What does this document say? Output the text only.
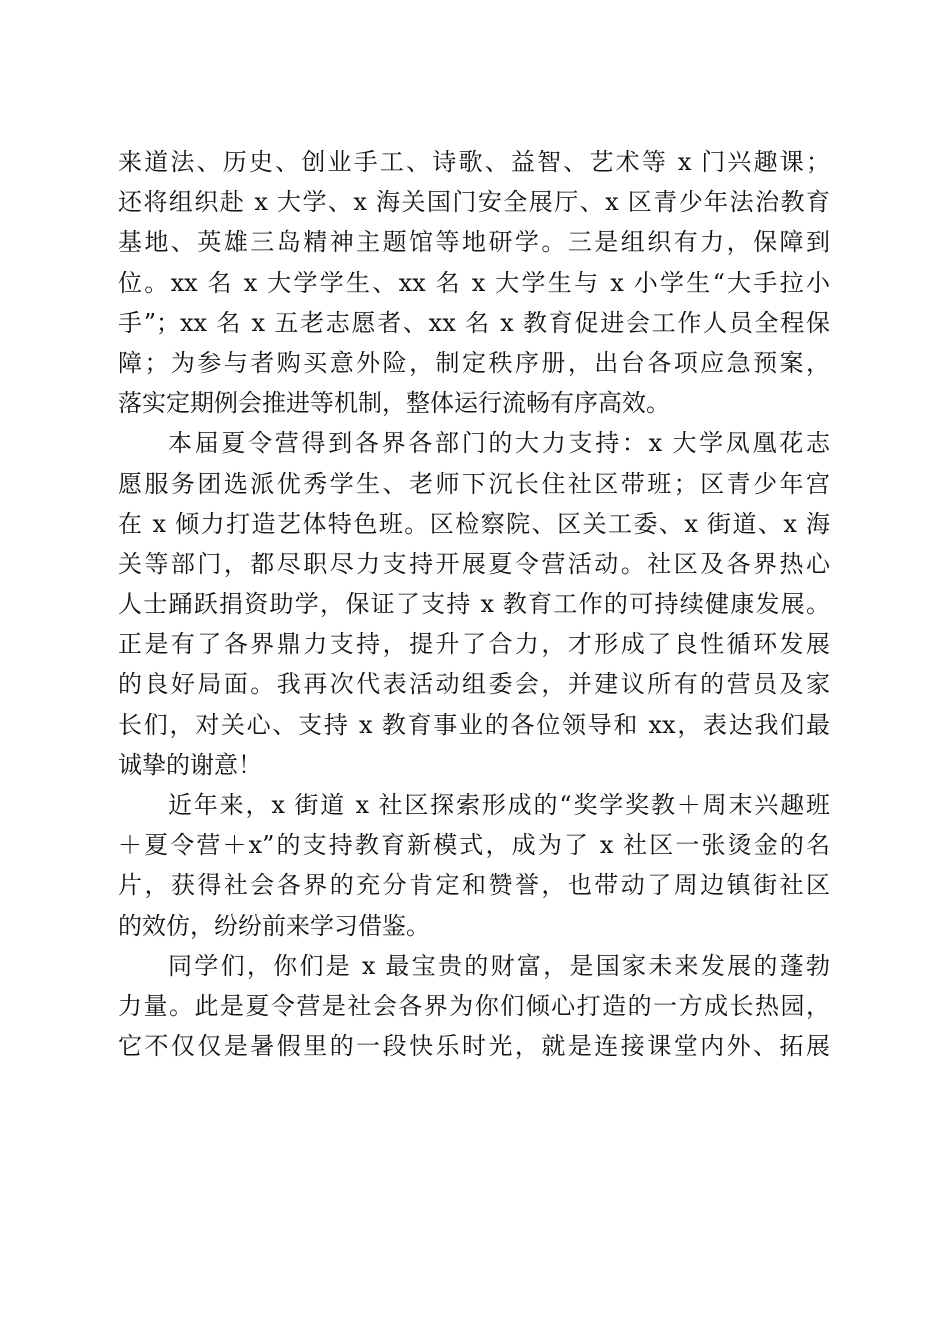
来道法、历史、创业手工、诗歌、益智、艺术等 x 门兴趣课；
还将组织赴 x 大学、x 海关国门安全展厅、x 区青少年法治教育
基地、英雄三岛精神主题馆等地研学。三是组织有力，保障到
位。xx 名 x 大学学生、xx 名 x 大学生与 x 小学生“大手拉小
手”；xx 名 x 五老志愿者、xx 名 x 教育促进会工作人员全程保
障；为参与者购买意外险，制定秩序册，出台各项应急预案，
落实定期例会推进等机制，整体运行流畅有序高效。
本届夏令营得到各界各部门的大力支持：x 大学凤凰花志
愿服务团选派优秀学生、老师下沉长住社区带班；区青少年宫
在 x 倾力打造艺体特色班。区检察院、区关工委、x 街道、x 海
关等部门，都尽职尽力支持开展夏令营活动。社区及各界热心
人士踊跃捐资助学，保证了支持 x 教育工作的可持续健康发展。
正是有了各界鼎力支持，提升了合力，才形成了良性循环发展
的良好局面。我再次代表活动组委会，并建议所有的营员及家
长们，对关心、支持 x 教育事业的各位领导和 xx，表达我们最
诚挚的谢意！
近年来，x 街道 x 社区探索形成的“奖学奖教＋周末兴趣班
＋夏令营＋x”的支持教育新模式，成为了 x 社区一张烫金的名
片，获得社会各界的充分肯定和赞誉，也带动了周边镇街社区
的效仿，纷纷前来学习借鉴。
同学们，你们是 x 最宝贵的财富，是国家未来发展的蓬勃
力量。此是夏令营是社会各界为你们倾心打造的一方成长热园，
它不仅仅是暑假里的一段快乐时光，就是连接课堂内外、拓展
